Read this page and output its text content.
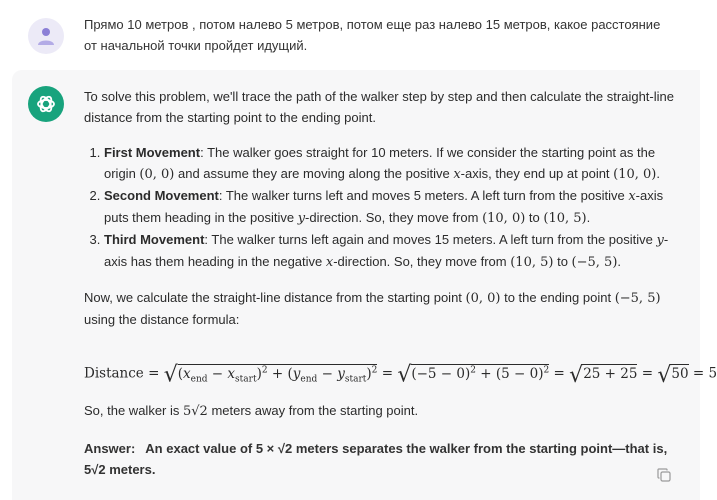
Прямо 10 метров , потом налево 5 метров, потом еще раз налево 15 метров, какое расстояние от начальной точки пройдет идущий.

To solve this problem, we'll trace the path of the walker step by step and then calculate the straight-line distance from the starting point to the ending point.

1. First Movement: The walker goes straight for 10 meters. If we consider the starting point as the origin (0, 0) and assume they are moving along the positive x-axis, they end up at point (10, 0).
2. Second Movement: The walker turns left and moves 5 meters. A left turn from the positive x-axis puts them heading in the positive y-direction. So, they move from (10, 0) to (10, 5).
3. Third Movement: The walker turns left again and moves 15 meters. A left turn from the positive y-axis has them heading in the negative x-direction. So, they move from (10, 5) to (−5, 5).

Now, we calculate the straight-line distance from the starting point (0, 0) to the ending point (−5, 5) using the distance formula:

Distance = $√(x_{end} - x_{start})^2 + (y_{end} - y_{start})^2 = √(-5 - 0)^2 + (5 - 0)^2 = √25 + 25 = √50 = 5$

So, the walker is 5√2 meters away from the starting point.

Answer: An exact value of 5 × √2 meters separates the walker from the starting point—that is, 5√2 meters.
